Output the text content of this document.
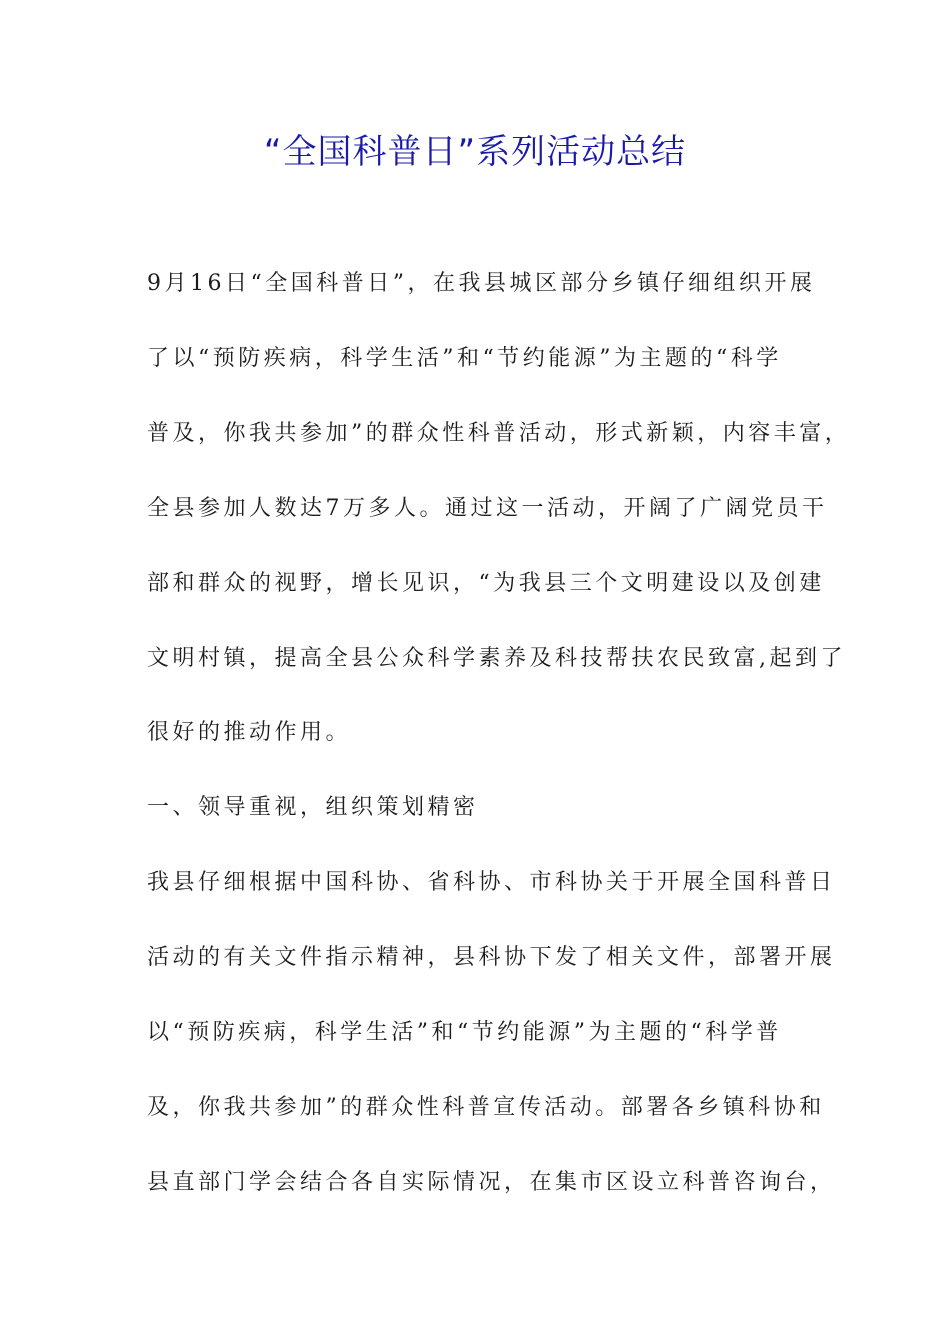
“全国科普日”系列活动总结
9月16日“全国科普日”，在我县城区部分乡镇仔细组织开展
了以“预防疾病，科学生活”和“节约能源”为主题的“科学
普及，你我共参加”的群众性科普活动，形式新颖，内容丰富，
全县参加人数达7万多人。通过这一活动，开阔了广阔党员干
部和群众的视野，增长见识，“为我县三个文明建设以及创建
文明村镇，提高全县公众科学素养及科技帮扶农民致富,起到了
很好的推动作用。
一、领导重视，组织策划精密
我县仔细根据中国科协、省科协、市科协关于开展全国科普日
活动的有关文件指示精神，县科协下发了相关文件，部署开展
以“预防疾病，科学生活”和“节约能源”为主题的“科学普
及，你我共参加”的群众性科普宣传活动。部署各乡镇科协和
县直部门学会结合各自实际情况，在集市区设立科普咨询台，
